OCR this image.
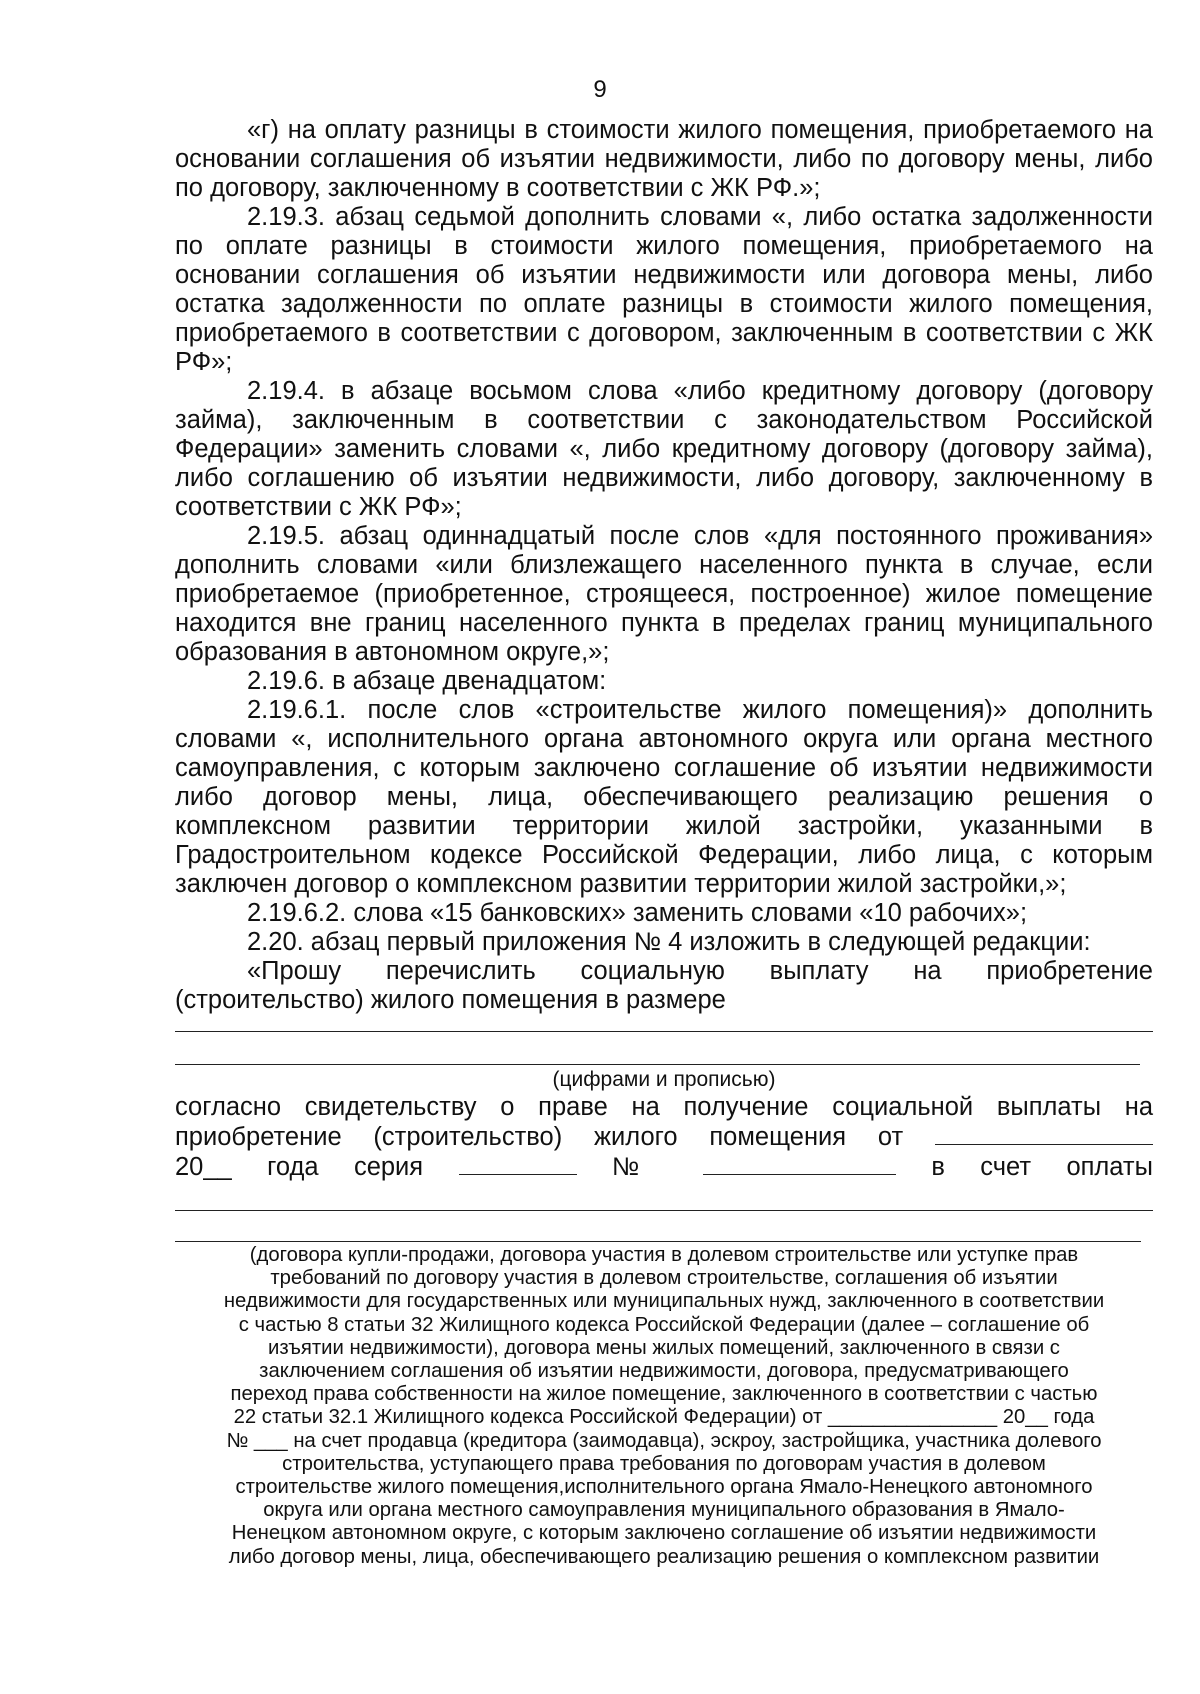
9

«г) на оплату разницы в стоимости жилого помещения, приобретаемого на основании соглашения об изъятии недвижимости, либо по договору мены, либо по договору, заключенному в соответствии с ЖК РФ.»;

2.19.3. абзац седьмой дополнить словами «, либо остатка задолженности по оплате разницы в стоимости жилого помещения, приобретаемого на основании соглашения об изъятии недвижимости или договора мены, либо остатка задолженности по оплате разницы в стоимости жилого помещения, приобретаемого в соответствии с договором, заключенным в соответствии с ЖК РФ»;

2.19.4. в абзаце восьмом слова «либо кредитному договору (договору займа), заключенным в соответствии с законодательством Российской Федерации» заменить словами «, либо кредитному договору (договору займа), либо соглашению об изъятии недвижимости, либо договору, заключенному в соответствии с ЖК РФ»;

2.19.5. абзац одиннадцатый после слов «для постоянного проживания» дополнить словами «или близлежащего населенного пункта в случае, если приобретаемое (приобретенное, строящееся, построенное) жилое помещение находится вне границ населенного пункта в пределах границ муниципального образования в автономном округе,»;

2.19.6. в абзаце двенадцатом:

2.19.6.1. после слов «строительстве жилого помещения)» дополнить словами «, исполнительного органа автономного округа или органа местного самоуправления, с которым заключено соглашение об изъятии недвижимости либо договор мены, лица, обеспечивающего реализацию решения о комплексном развитии территории жилой застройки, указанными в Градостроительном кодексе Российской Федерации, либо лица, с которым заключен договор о комплексном развитии территории жилой застройки,»;

2.19.6.2. слова «15 банковских» заменить словами «10 рабочих»;

2.20. абзац первый приложения № 4 изложить в следующей редакции:

«Прошу перечислить социальную выплату на приобретение (строительство) жилого помещения в размере

(цифрами и прописью)

согласно свидетельству о праве на получение социальной выплаты на

приобретение (строительство) жилого помещения от

20__ года серия	№	в счет оплаты

(договора купли-продажи, договора участия в долевом строительстве или уступке прав
требований по договору участия в долевом строительстве, соглашения об изъятии
недвижимости для государственных или муниципальных нужд, заключенного в соответствии
с частью 8 статьи 32 Жилищного кодекса Российской Федерации (далее – соглашение об
изъятии недвижимости), договора мены жилых помещений, заключенного в связи с
заключением соглашения об изъятии недвижимости, договора, предусматривающего
переход права собственности на жилое помещение, заключенного в соответствии с частью
22 статьи 32.1 Жилищного кодекса Российской Федерации) от _______________ 20__ года
№ ___ на счет продавца (кредитора (заимодавца), эскроу, застройщика, участника долевого
строительства, уступающего права требования по договорам участия в долевом
строительстве жилого помещения,исполнительного органа Ямало-Ненецкого автономного
округа или органа местного самоуправления муниципального образования в Ямало-
Ненецком автономном округе, с которым заключено соглашение об изъятии недвижимости
либо договор мены, лица, обеспечивающего реализацию решения о комплексном развитии
